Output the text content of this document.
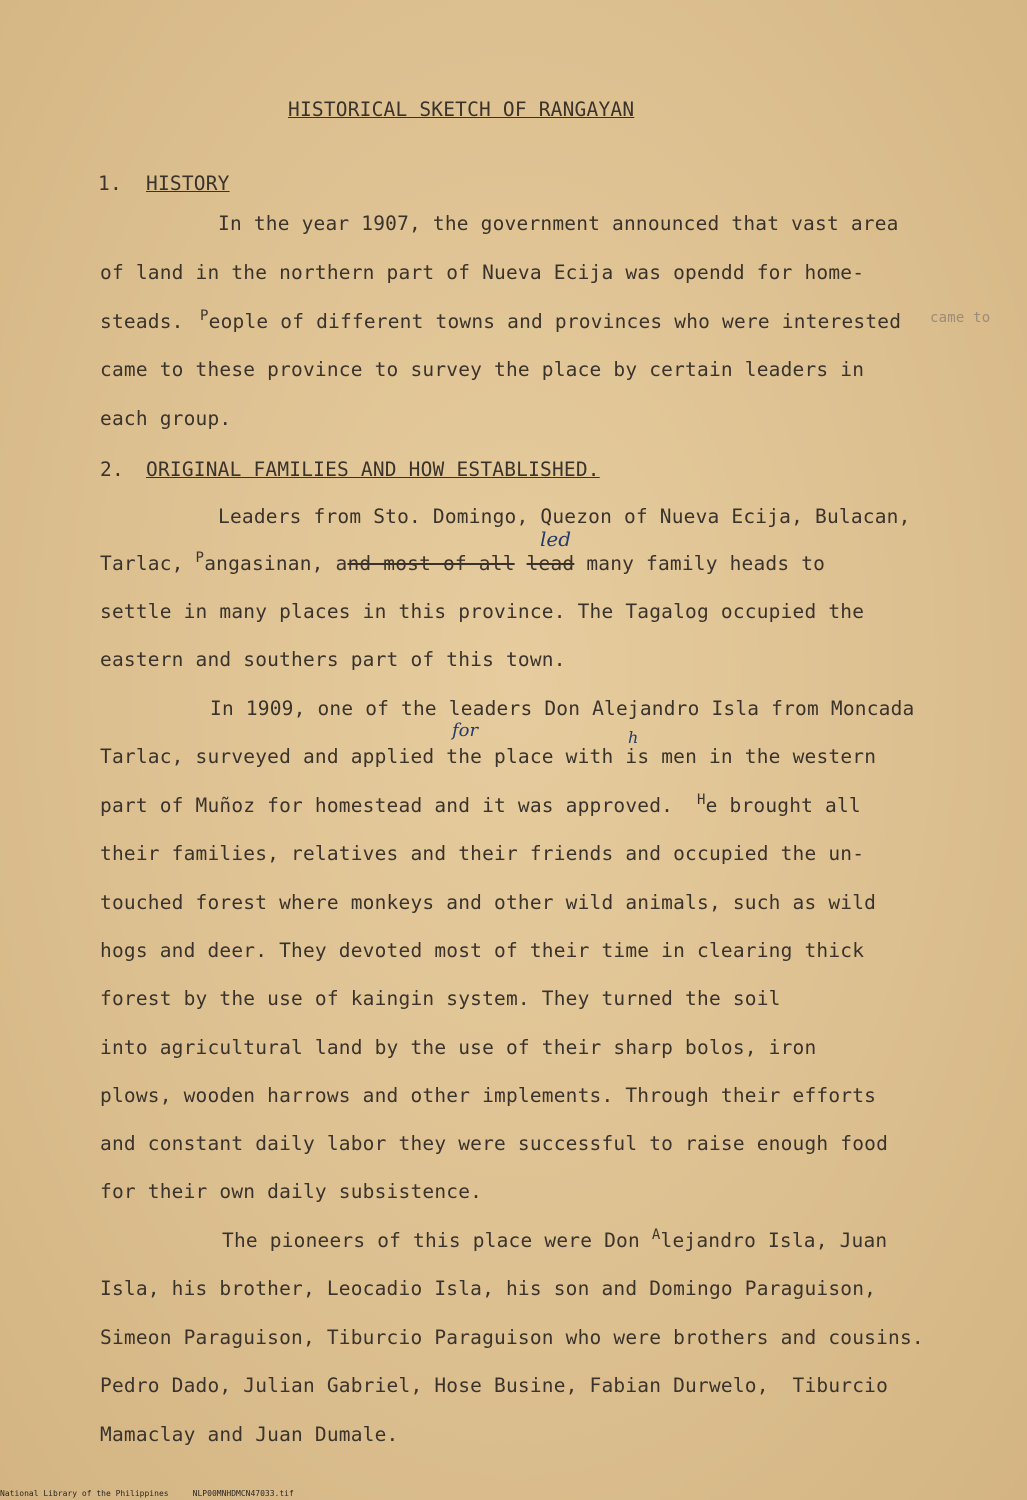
HISTORICAL SKETCH OF RANGAYAN
1. HISTORY
In the year 1907, the government announced that vast area
of land in the northern part of Nueva Ecija was opendd for home-
steads. $^P$eople of different towns and provinces who were interested came to
came to these province to survey the place by certain leaders in
each group.
2. ORIGINAL FAMILIES AND HOW ESTABLISHED.
Leaders from Sto. Domingo, Quezon of Nueva Ecija, Bulacan,
Tarlac, $^P$angasinan, and most of all lead many family heads to
led
settle in many places in this province. The Tagalog occupied the
eastern and southers part of this town.
In 1909, one of the leaders Don Alejandro Isla from Moncada
Tarlac, surveyed and applied the place with is men in the western
for	h
part of Muñoz for homestead and it was approved. $^H$e brought all
their families, relatives and their friends and occupied the un-
touched forest where monkeys and other wild animals, such as wild
hogs and deer. They devoted most of their time in clearing thick
forest by the use of kaingin system. They turned the soil
into agricultural land by the use of their sharp bolos, iron
plows, wooden harrows and other implements. Through their efforts
and constant daily labor they were successful to raise enough food
for their own daily subsistence.
The pioneers of this place were Don $^A$lejandro Isla, Juan
Isla, his brother, Leocadio Isla, his son and Domingo Paraguison,
Simeon Paraguison, Tiburcio Paraguison who were brothers and cousins.
Pedro Dado, Julian Gabriel, Hose Busine, Fabian Durwelo,  Tiburcio
Mamaclay and Juan Dumale.
National Library of the Philippines	NLP00MNHDMCN47033.tif
